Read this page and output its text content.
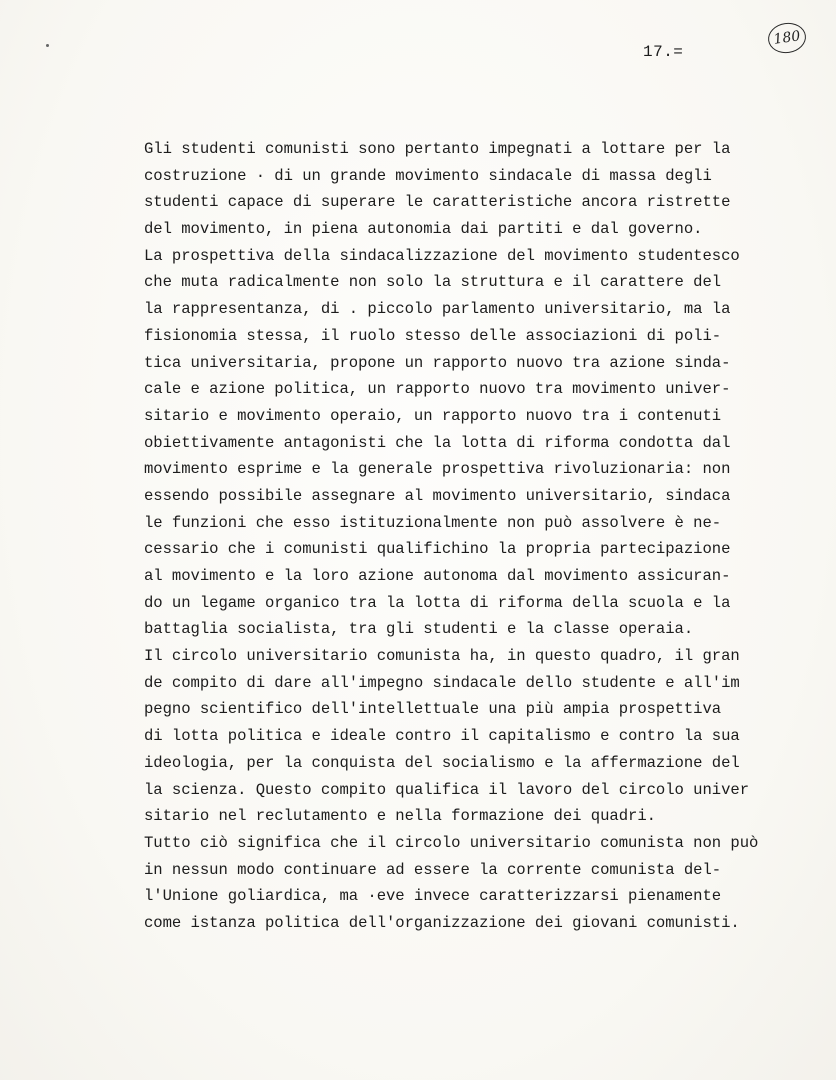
17.=
180
Gli studenti comunisti sono pertanto impegnati a lottare per la
costruzione · di un grande movimento sindacale di massa degli
studenti capace di superare le caratteristiche ancora ristrette
del movimento, in piena autonomia dai partiti e dal governo.
La prospettiva della sindacalizzazione del movimento studentesco
che muta radicalmente non solo la struttura e il carattere del
la rappresentanza, di . piccolo parlamento universitario, ma la
fisionomia stessa, il ruolo stesso delle associazioni di poli-
tica universitaria, propone un rapporto nuovo tra azione sinda-
cale e azione politica, un rapporto nuovo tra movimento univer-
sitario e movimento operaio, un rapporto nuovo tra i contenuti
obiettivamente antagonisti che la lotta di riforma condotta dal
movimento esprime e la generale prospettiva rivoluzionaria: non
essendo possibile assegnare al movimento universitario, sindaca
le funzioni che esso istituzionalmente non può assolvere è ne-
cessario che i comunisti qualifichino la propria partecipazione
al movimento e la loro azione autonoma dal movimento assicuran-
do un legame organico tra la lotta di riforma della scuola e la
battaglia socialista, tra gli studenti e la classe operaia.
Il circolo universitario comunista ha, in questo quadro, il gran
de compito di dare all'impegno sindacale dello studente e all'im
pegno scientifico dell'intellettuale una più ampia prospettiva
di lotta politica e ideale contro il capitalismo e contro la sua
ideologia, per la conquista del socialismo e la affermazione del
la scienza. Questo compito qualifica il lavoro del circolo univer
sitario nel reclutamento e nella formazione dei quadri.
Tutto ciò significa che il circolo universitario comunista non può
in nessun modo continuare ad essere la corrente comunista del-
l'Unione goliardica, ma ·eve invece caratterizzarsi pienamente
come istanza politica dell'organizzazione dei giovani comunisti.
